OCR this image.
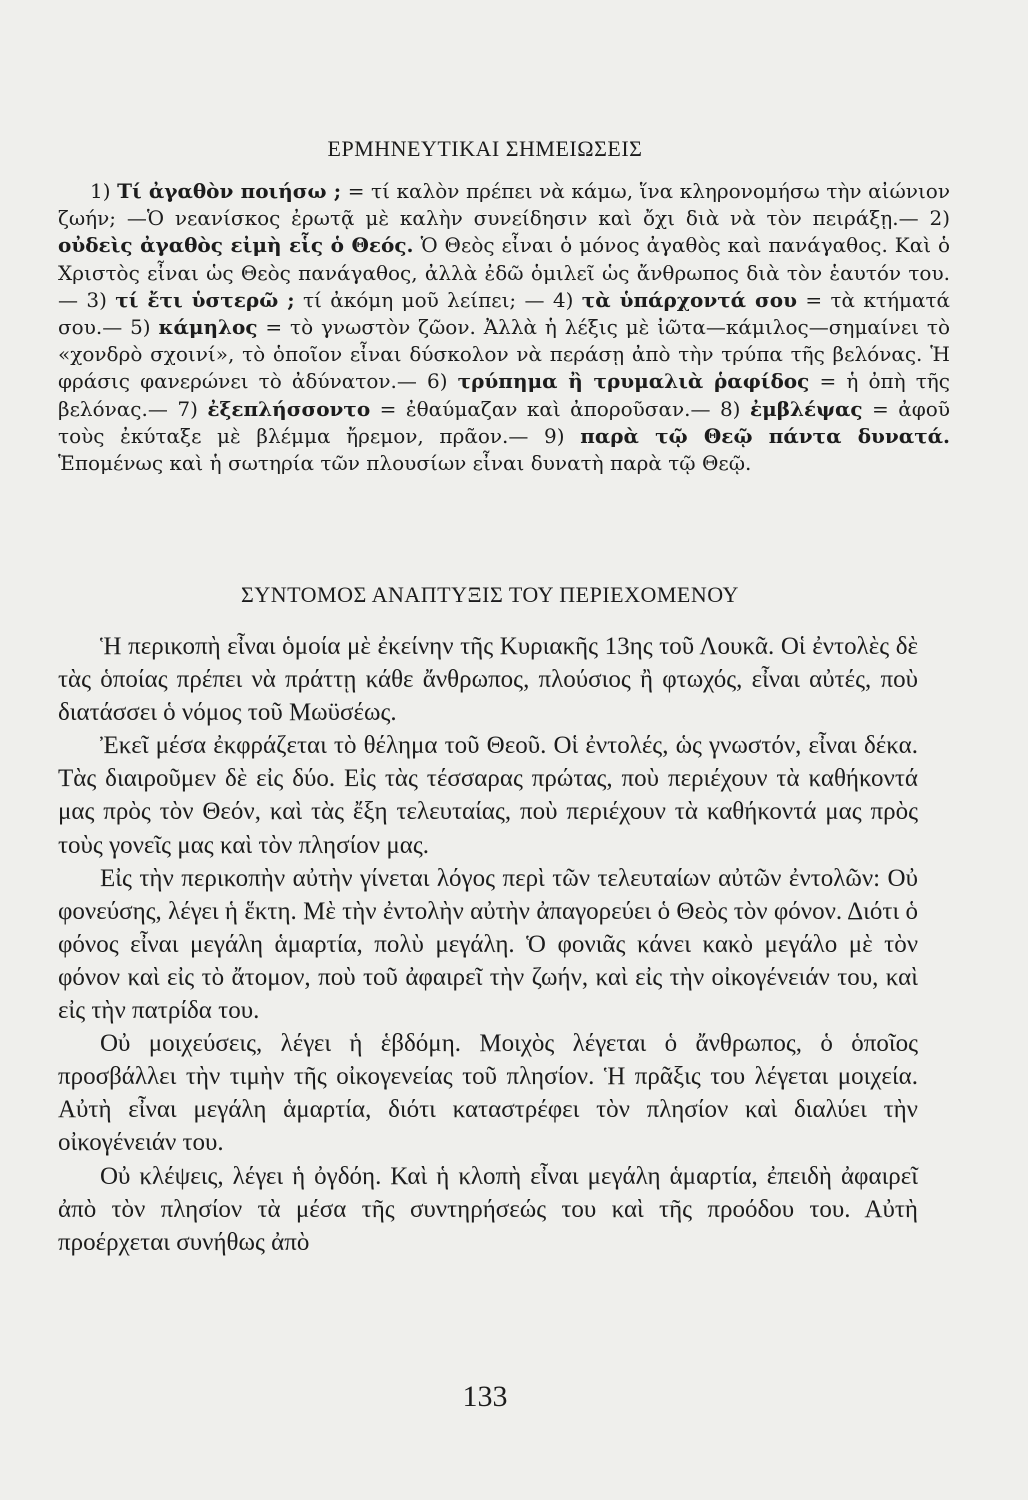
ΕΡΜΗΝΕΥΤΙΚΑΙ ΣΗΜΕΙΩΣΕΙΣ

1) Τί ἀγαθὸν ποιήσω ; = τί καλὸν πρέπει νὰ κάμω, ἵνα κληρονομήσω τὴν αἰώνιον ζωήν; —Ὁ νεανίσκος ἐρωτᾷ μὲ καλὴν συνείδησιν καὶ ὄχι διὰ νὰ τὸν πειράξῃ.— 2) οὐδεὶς ἀγαθὸς εἰμὴ εἷς ὁ Θεός. Ὁ Θεὸς εἶναι ὁ μόνος ἀγαθὸς καὶ πανάγαθος. Καὶ ὁ Χριστὸς εἶναι ὡς Θεὸς πανάγαθος, ἀλλὰ ἐδῶ ὁμιλεῖ ὡς ἄνθρωπος διὰ τὸν ἑαυτόν του.— 3) τί ἔτι ὑστερῶ ; τί ἀκόμη μοῦ λείπει; — 4) τὰ ὑπάρχοντά σου = τὰ κτήματά σου.— 5) κάμηλος = τὸ γνωστὸν ζῶον. Ἀλλὰ ἡ λέξις μὲ ἰῶτα—κάμιλος—σημαίνει τὸ «χονδρὸ σχοινί», τὸ ὁποῖον εἶναι δύσκολον νὰ περάσῃ ἀπὸ τὴν τρύπα τῆς βελόνας. Ἡ φράσις φανερώνει τὸ ἀδύνατον.— 6) τρύπημα ἢ τρυμαλιὰ ῥαφίδος = ἡ ὀπὴ τῆς βελόνας.— 7) ἐξεπλήσσοντο = ἐθαύμαζαν καὶ ἀποροῦσαν.— 8) ἐμβλέψας = ἀφοῦ τοὺς ἐκύταξε μὲ βλέμμα ἤρεμον, πρᾶον.— 9) παρὰ τῷ Θεῷ πάντα δυνατά. Ἑπομένως καὶ ἡ σωτηρία τῶν πλουσίων εἶναι δυνατὴ παρὰ τῷ Θεῷ.

ΣΥΝΤΟΜΟΣ ΑΝΑΠΤΥΞΙΣ ΤΟΥ ΠΕΡΙΕΧΟΜΕΝΟΥ

Ἡ περικοπὴ εἶναι ὁμοία μὲ ἐκείνην τῆς Κυριακῆς 13ης τοῦ Λουκᾶ. Οἱ ἐντολὲς δὲ τὰς ὁποίας πρέπει νὰ πράττῃ κάθε ἄνθρωπος, πλούσιος ἢ φτωχός, εἶναι αὐτές, ποὺ διατάσσει ὁ νόμος τοῦ Μωϋσέως.

Ἐκεῖ μέσα ἐκφράζεται τὸ θέλημα τοῦ Θεοῦ. Οἱ ἐντολές, ὡς γνωστόν, εἶναι δέκα. Τὰς διαιροῦμεν δὲ εἰς δύο. Εἰς τὰς τέσσαρας πρώτας, ποὺ περιέχουν τὰ καθήκοντά μας πρὸς τὸν Θεόν, καὶ τὰς ἔξη τελευταίας, ποὺ περιέχουν τὰ καθήκοντά μας πρὸς τοὺς γονεῖς μας καὶ τὸν πλησίον μας.

Εἰς τὴν περικοπὴν αὐτὴν γίνεται λόγος περὶ τῶν τελευταίων αὐτῶν ἐντολῶν: Οὐ φονεύσης, λέγει ἡ ἕκτη. Μὲ τὴν ἐντολὴν αὐτὴν ἀπαγορεύει ὁ Θεὸς τὸν φόνον. Διότι ὁ φόνος εἶναι μεγάλη ἁμαρτία, πολὺ μεγάλη. Ὁ φονιᾶς κάνει κακὸ μεγάλο μὲ τὸν φόνον καὶ εἰς τὸ ἄτομον, ποὺ τοῦ ἀφαιρεῖ τὴν ζωήν, καὶ εἰς τὴν οἰκογένειάν του, καὶ εἰς τὴν πατρίδα του.

Οὐ μοιχεύσεις, λέγει ἡ ἑβδόμη. Μοιχὸς λέγεται ὁ ἄνθρωπος, ὁ ὁποῖος προσβάλλει τὴν τιμὴν τῆς οἰκογενείας τοῦ πλησίον. Ἡ πρᾶξις του λέγεται μοιχεία. Αὐτὴ εἶναι μεγάλη ἁμαρτία, διότι καταστρέφει τὸν πλησίον καὶ διαλύει τὴν οἰκογένειάν του.

Οὐ κλέψεις, λέγει ἡ ὀγδόη. Καὶ ἡ κλοπὴ εἶναι μεγάλη ἁμαρτία, ἐπειδὴ ἀφαιρεῖ ἀπὸ τὸν πλησίον τὰ μέσα τῆς συντηρήσεώς του καὶ τῆς προόδου του. Αὐτὴ προέρχεται συνήθως ἀπὸ

133
